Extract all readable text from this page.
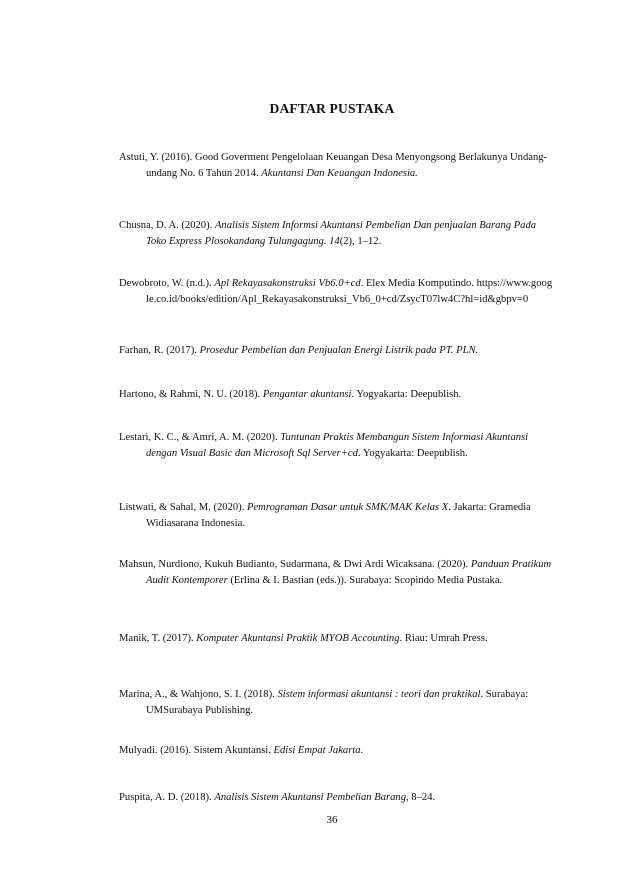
DAFTAR PUSTAKA
Astuti, Y. (2016). Good Goverment Pengelolaan Keuangan Desa Menyongsong Berlakunya Undang-undang No. 6 Tahun 2014. Akuntansi Dan Keuangan Indonesia.
Chusna, D. A. (2020). Analisis Sistem Informsi Akuntansi Pembelian Dan penjualan Barang Pada Toko Express Plosokandang Tulungagung. 14(2), 1–12.
Dewobroto, W. (n.d.). Apl Rekayasakonstruksi Vb6.0+cd. Elex Media Komputindo. https://www.google.co.id/books/edition/Apl_Rekayasakonstruksi_Vb6_0+cd/ZsycT07lw4C?hl=id&gbpv=0
Farhan, R. (2017). Prosedur Pembelian dan Penjualan Energi Listrik pada PT. PLN.
Hartono, & Rahmi, N. U. (2018). Pengantar akuntansi. Yogyakarta: Deepublish.
Lestari, K. C., & Amri, A. M. (2020). Tuntunan Praktis Membangun Sistem Informasi Akuntansi dengan Visual Basic dan Microsoft Sql Server+cd. Yogyakarta: Deepublish.
Listwati, & Sahal, M. (2020). Pemrograman Dasar untuk SMK/MAK Kelas X. Jakarta: Gramedia Widiasarana Indonesia.
Mahsun, Nurdiono, Kukuh Budianto, Sudarmana, & Dwi Ardi Wicaksana. (2020). Panduan Pratikum Audit Kontemporer (Erlina & I. Bastian (eds.)). Surabaya: Scopindo Media Pustaka.
Manik, T. (2017). Komputer Akuntansi Praktik MYOB Accounting. Riau: Umrah Press.
Marina, A., & Wahjono, S. I. (2018). Sistem informasi akuntansi : teori dan praktikal. Surabaya: UMSurabaya Publishing.
Mulyadi. (2016). Sistem Akuntansi. Edisi Empat Jakarta.
Puspita, A. D. (2018). Analisis Sistem Akuntansi Pembelian Barang, 8–24.
36
